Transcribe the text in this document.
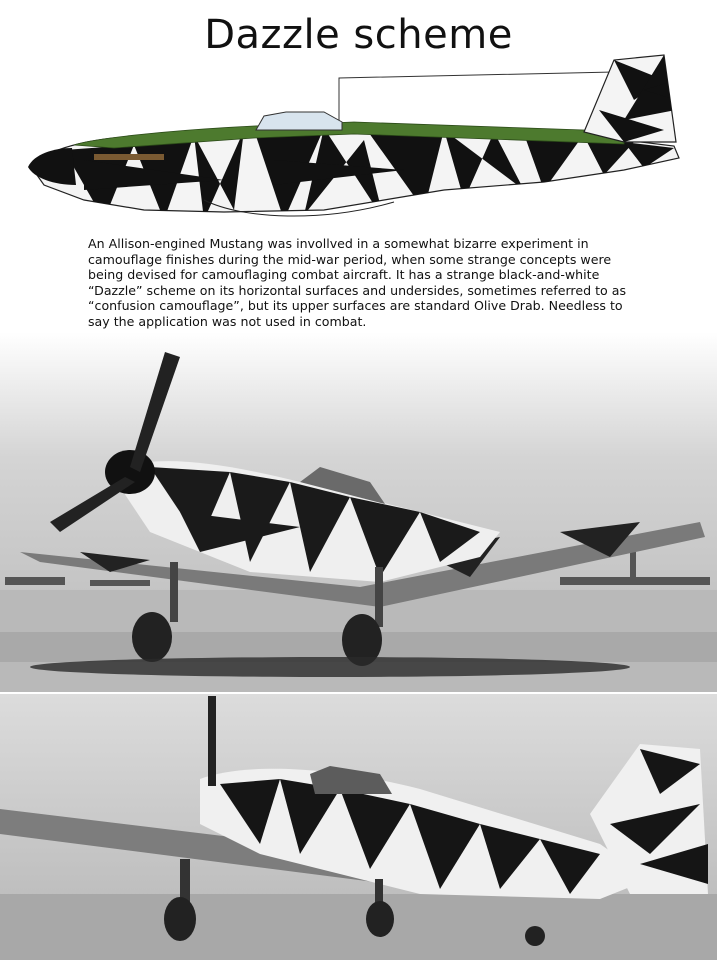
Dazzle scheme
An Allison-engined Mustang was invollved in a somewhat bizarre experiment in camouflage finishes during the mid-war period, when some strange concepts were being devised for camouflaging combat aircraft. It has a strange black-and-white “Dazzle” scheme on its horizontal surfaces and undersides, sometimes referred to as “confusion camouflage”, but its upper surfaces are standard Olive Drab. Needless to say the application was not used in combat.
